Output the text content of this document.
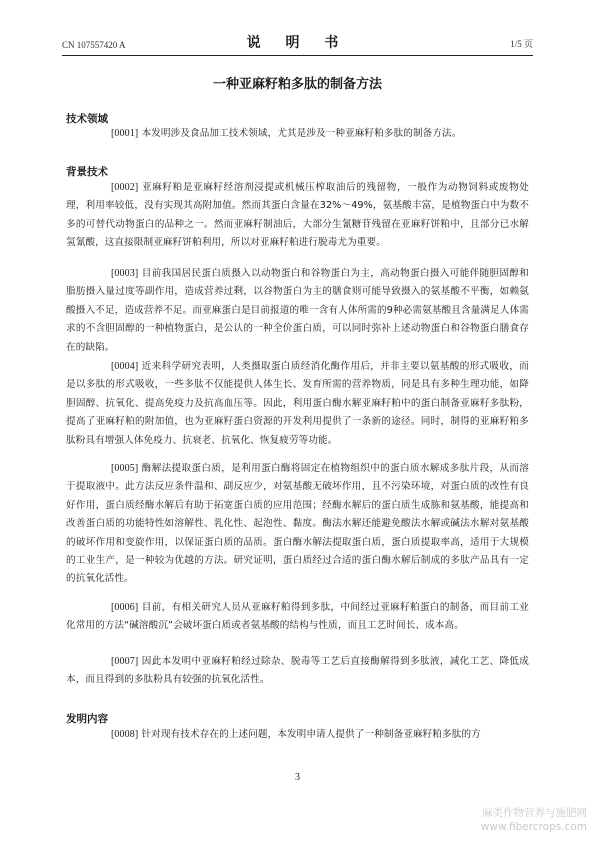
CN 107557420 A	说 明 书	1/5 页
一种亚麻籽粕多肽的制备方法
技术领域

[0001] 本发明涉及食品加工技术领域，尤其是涉及一种亚麻籽粕多肽的制备方法。

背景技术

[0002] 亚麻籽粕是亚麻籽经溶剂浸提或机械压榨取油后的残留物，一般作为动物饲料或废物处理，利用率较低，没有实现其高附加值。然而其蛋白含量在32%～49%，氨基酸丰富，是植物蛋白中为数不多的可替代动物蛋白的品种之一。然而亚麻籽制油后，大部分生氰糖苷残留在亚麻籽饼粕中，且部分已水解氢氰酸，这直接限制亚麻籽饼粕利用，所以对亚麻籽粕进行脱毒尤为重要。

[0003] 目前我国居民蛋白质摄入以动物蛋白和谷物蛋白为主，高动物蛋白摄入可能伴随胆固醇和脂肪摄入量过度等副作用，造成营养过剩，以谷物蛋白为主的膳食则可能导致摄入的氨基酸不平衡，如赖氨酸摄入不足，造成营养不足。而亚麻蛋白是目前报道的唯一含有人体所需的9种必需氨基酸且含量满足人体需求的不含胆固醇的一种植物蛋白，是公认的一种全价蛋白质，可以同时弥补上述动物蛋白和谷物蛋白膳食存在的缺陷。

[0004] 近来科学研究表明，人类摄取蛋白质经消化酶作用后，并非主要以氨基酸的形式吸收，而是以多肽的形式吸收，一些多肽不仅能提供人体生长、发育所需的营养物质，同是具有多种生理功能，如降胆固醇、抗氧化、提高免疫力及抗高血压等。因此，利用蛋白酶水解亚麻籽粕中的蛋白制备亚麻籽多肽粉，提高了亚麻籽粕的附加值，也为亚麻籽蛋白资源的开发利用提供了一条新的途径。同时，制得的亚麻籽粕多肽粉具有增强人体免疫力、抗衰老、抗氧化、恢复疲劳等功能。

[0005] 酶解法提取蛋白质，是利用蛋白酶将固定在植物组织中的蛋白质水解成多肽片段，从而溶于提取液中。此方法反应条件温和、副反应少，对氨基酸无破坏作用，且不污染环境，对蛋白质的改性有良好作用，蛋白质经酶水解后有助于拓宽蛋白质的应用范围；经酶水解后的蛋白质生成胨和氨基酸，能提高和改善蛋白质的功能特性如溶解性、乳化性、起泡性、黏度。酶法水解还能避免酸法水解或碱法水解对氨基酸的破坏作用和变旋作用，以保证蛋白质的品质。蛋白酶水解法提取蛋白质，蛋白质提取率高，适用于大规模的工业生产，是一种较为优越的方法。研究证明，蛋白质经过合适的蛋白酶水解后制成的多肽产品具有一定的抗氧化活性。

[0006] 目前，有相关研究人员从亚麻籽粕得到多肽，中间经过亚麻籽粕蛋白的制备，而目前工业化常用的方法“碱溶酸沉”会破坏蛋白质或者氨基酸的结构与性质，而且工艺时间长、成本高。

[0007] 因此本发明中亚麻籽粕经过除杂、脱毒等工艺后直接酶解得到多肽液，减化工艺、降低成本，而且得到的多肽粉具有较强的抗氧化活性。

发明内容

[0008] 针对现有技术存在的上述问题，本发明申请人提供了一种制备亚麻籽粕多肽的方

3
麻类作物营养与施肥网
www.fibercrops.com
